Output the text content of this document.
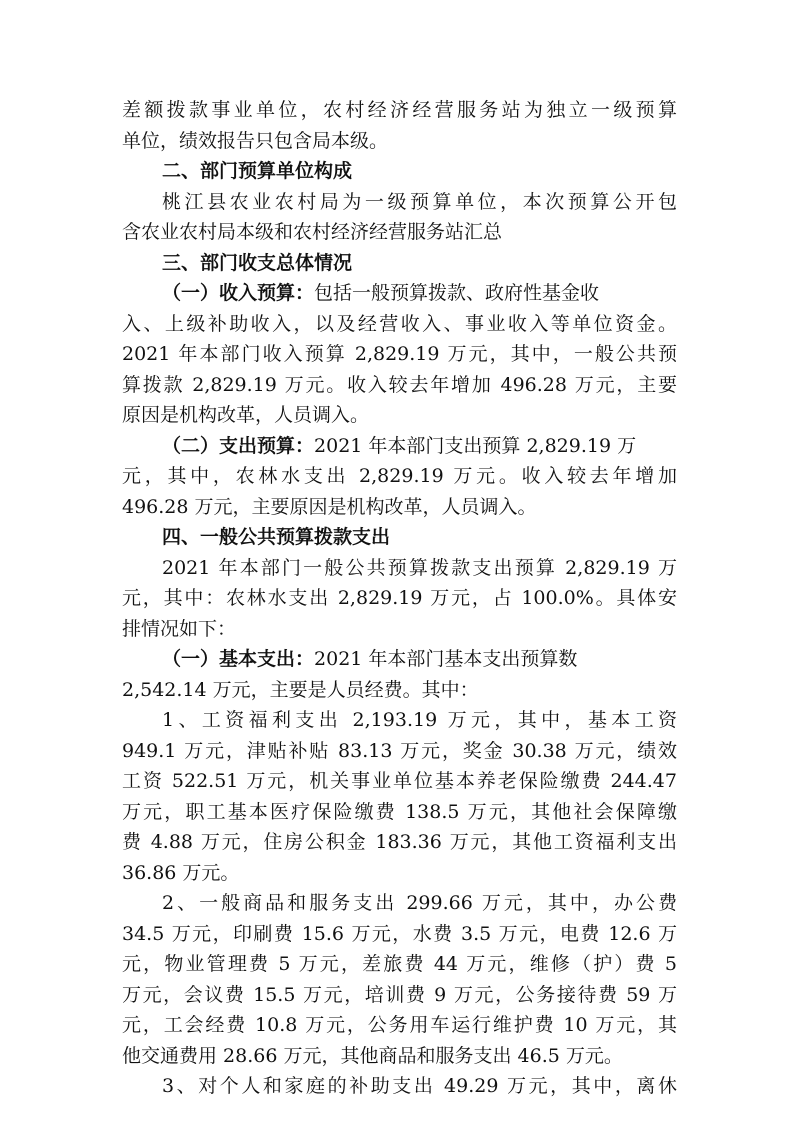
差额拨款事业单位，农村经济经营服务站为独立一级预算
单位，绩效报告只包含局本级。
二、部门预算单位构成
桃江县农业农村局为一级预算单位，本次预算公开包
含农业农村局本级和农村经济经营服务站汇总
三、部门收支总体情况
（一）收入预算：包括一般预算拨款、政府性基金收
入、上级补助收入，以及经营收入、事业收入等单位资金。
2021 年本部门收入预算 2,829.19 万元，其中，一般公共预
算拨款 2,829.19 万元。收入较去年增加 496.28 万元，主要
原因是机构改革，人员调入。
（二）支出预算：2021 年本部门支出预算 2,829.19 万
元，其中，农林水支出 2,829.19 万元。收入较去年增加
496.28 万元，主要原因是机构改革，人员调入。
四、一般公共预算拨款支出
2021 年本部门一般公共预算拨款支出预算 2,829.19 万
元，其中：农林水支出 2,829.19 万元，占 100.0%。具体安
排情况如下：
（一）基本支出：2021 年本部门基本支出预算数
2,542.14 万元，主要是人员经费。其中：
1、工资福利支出 2,193.19 万元，其中，基本工资
949.1 万元，津贴补贴 83.13 万元，奖金 30.38 万元，绩效
工资 522.51 万元，机关事业单位基本养老保险缴费 244.47
万元，职工基本医疗保险缴费 138.5 万元，其他社会保障缴
费 4.88 万元，住房公积金 183.36 万元，其他工资福利支出
36.86 万元。
2、一般商品和服务支出 299.66 万元，其中，办公费
34.5 万元，印刷费 15.6 万元，水费 3.5 万元，电费 12.6 万
元，物业管理费 5 万元，差旅费 44 万元，维修（护）费 5
万元，会议费 15.5 万元，培训费 9 万元，公务接待费 59 万
元，工会经费 10.8 万元，公务用车运行维护费 10 万元，其
他交通费用 28.66 万元，其他商品和服务支出 46.5 万元。
3、对个人和家庭的补助支出 49.29 万元，其中，离休
